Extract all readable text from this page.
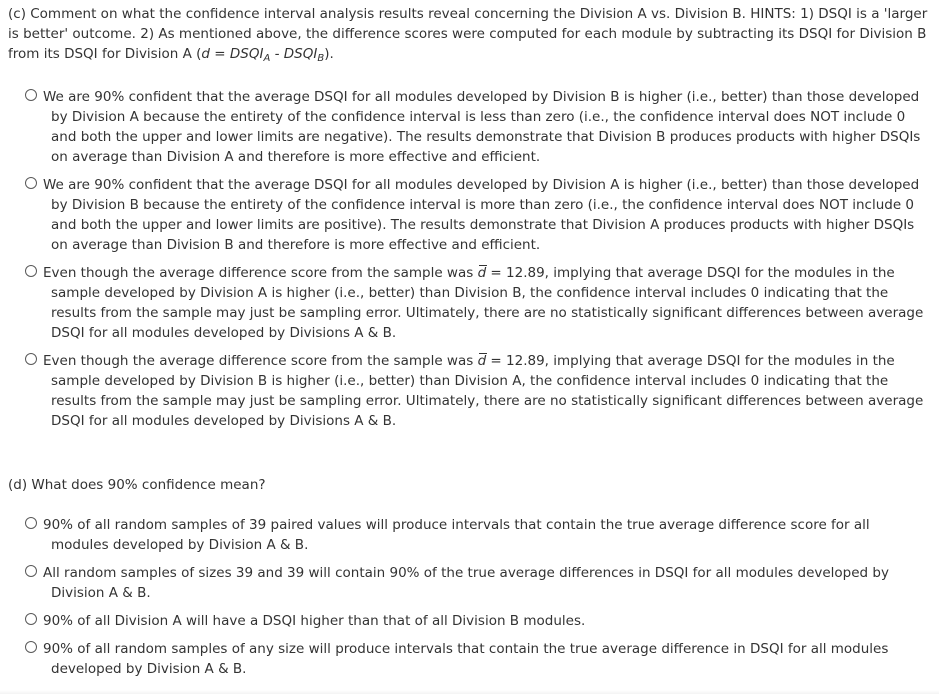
(c) Comment on what the confidence interval analysis results reveal concerning the Division A vs. Division B. HINTS: 1) DSQI is a 'larger is better' outcome. 2) As mentioned above, the difference scores were computed for each module by subtracting its DSQI for Division B from its DSQI for Division A ($d = DSQI_A$ - $DSQI_B$).

We are 90% confident that the average DSQI for all modules developed by Division B is higher (i.e., better) than those developed by Division A because the entirety of the confidence interval is less than zero (i.e., the confidence interval does NOT include 0 and both the upper and lower limits are negative). The results demonstrate that Division B produces products with higher DSQIs on average than Division A and therefore is more effective and efficient.
We are 90% confident that the average DSQI for all modules developed by Division A is higher (i.e., better) than those developed by Division B because the entirety of the confidence interval is more than zero (i.e., the confidence interval does NOT include 0 and both the upper and lower limits are positive). The results demonstrate that Division A produces products with higher DSQIs on average than Division B and therefore is more effective and efficient.
Even though the average difference score from the sample was d = 12.89, implying that average DSQI for the modules in the sample developed by Division A is higher (i.e., better) than Division B, the confidence interval includes 0 indicating that the results from the sample may just be sampling error. Ultimately, there are no statistically significant differences between average DSQI for all modules developed by Divisions A & B.
Even though the average difference score from the sample was d = 12.89, implying that average DSQI for the modules in the sample developed by Division B is higher (i.e., better) than Division A, the confidence interval includes 0 indicating that the results from the sample may just be sampling error. Ultimately, there are no statistically significant differences between average DSQI for all modules developed by Divisions A & B.

(d) What does 90% confidence mean?

90% of all random samples of 39 paired values will produce intervals that contain the true average difference score for all modules developed by Division A & B.
All random samples of sizes 39 and 39 will contain 90% of the true average differences in DSQI for all modules developed by Division A & B.
90% of all Division A will have a DSQI higher than that of all Division B modules.
90% of all random samples of any size will produce intervals that contain the true average difference in DSQI for all modules developed by Division A & B.
